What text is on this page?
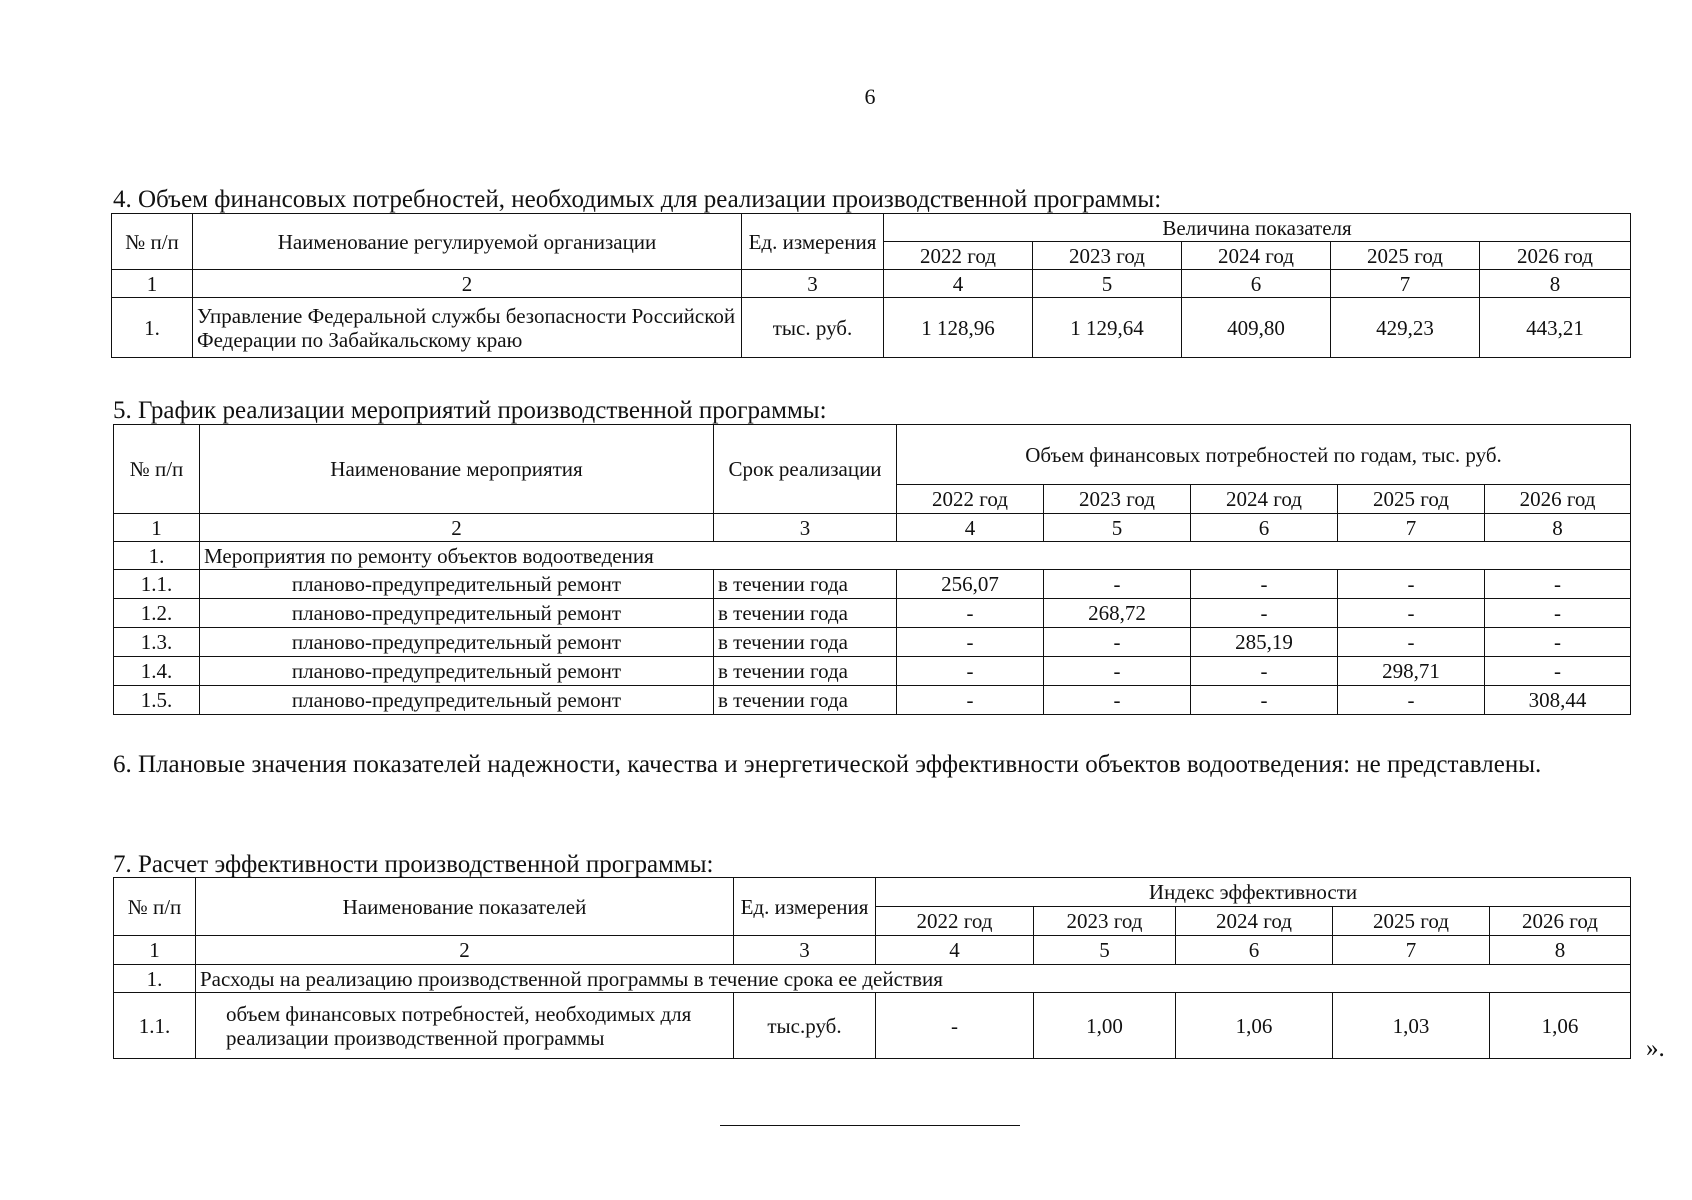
6
4. Объем финансовых потребностей, необходимых для реализации производственной программы:
№ п/п	Наименование регулируемой организации	Ед. измерения	Величина показателя				
			2022 год	2023 год	2024 год	2025 год	2026 год
1	2	3	4	5	6	7	8
1.	Управление Федеральной службы безопасности Российской Федерации по Забайкальскому краю	тыс. руб.	1 128,96	1 129,64	409,80	429,23	443,21
5. График реализации мероприятий производственной программы:
№ п/п	Наименование мероприятия	Срок реализации	Объем финансовых потребностей по годам, тыс. руб.				
			2022 год	2023 год	2024 год	2025 год	2026 год
1	2	3	4	5	6	7	8
1.	Мероприятия по ремонту объектов водоотведения						
1.1.	планово-предупредительный ремонт	в течении года	256,07	-	-	-	-
1.2.	планово-предупредительный ремонт	в течении года	-	268,72	-	-	-
1.3.	планово-предупредительный ремонт	в течении года	-	-	285,19	-	-
1.4.	планово-предупредительный ремонт	в течении года	-	-	-	298,71	-
1.5.	планово-предупредительный ремонт	в течении года	-	-	-	-	308,44
6. Плановые значения показателей надежности, качества и энергетической эффективности объектов водоотведения: не представлены.
7. Расчет эффективности производственной программы:
№ п/п	Наименование показателей	Ед. измерения	Индекс эффективности				
			2022 год	2023 год	2024 год	2025 год	2026 год
1	2	3	4	5	6	7	8
1.	Расходы на реализацию производственной программы в течение срока ее действия						
1.1.	объем финансовых потребностей, необходимых для реализации производственной программы	тыс.руб.	-	1,00	1,06	1,03	1,06
».
